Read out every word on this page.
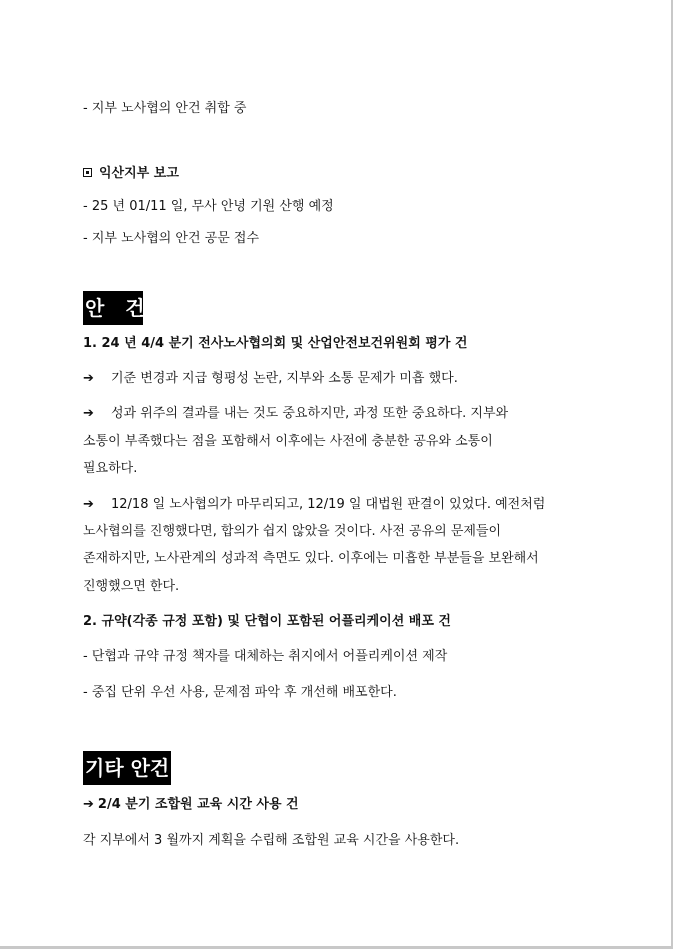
- 지부 노사협의 안건 취합 중
익산지부 보고
- 25 년 01/11 일, 무사 안녕 기원 산행 예정
- 지부 노사협의 안건 공문 접수
안   건
1. 24 년 4/4 분기 전사노사협의회 및 산업안전보건위원회 평가 건
➔ 기준 변경과 지급 형평성 논란, 지부와 소통 문제가 미흡 했다.
➔ 성과 위주의 결과를 내는 것도 중요하지만, 과정 또한 중요하다. 지부와
소통이 부족했다는 점을 포함해서 이후에는 사전에 충분한 공유와 소통이
필요하다.
➔ 12/18 일 노사협의가 마무리되고, 12/19 일 대법원 판결이 있었다. 예전처럼
노사협의를 진행했다면, 합의가 쉽지 않았을 것이다. 사전 공유의 문제들이
존재하지만, 노사관계의 성과적 측면도 있다. 이후에는 미흡한 부분들을 보완해서
진행했으면 한다.
2. 규약(각종 규정 포함) 및 단협이 포함된 어플리케이션 배포 건
- 단협과 규약 규정 책자를 대체하는 취지에서 어플리케이션 제작
- 중집 단위 우선 사용, 문제점 파악 후 개선해 배포한다.
기타 안건
➔ 2/4 분기 조합원 교육 시간 사용 건
각 지부에서 3 월까지 계획을 수립해 조합원 교육 시간을 사용한다.
